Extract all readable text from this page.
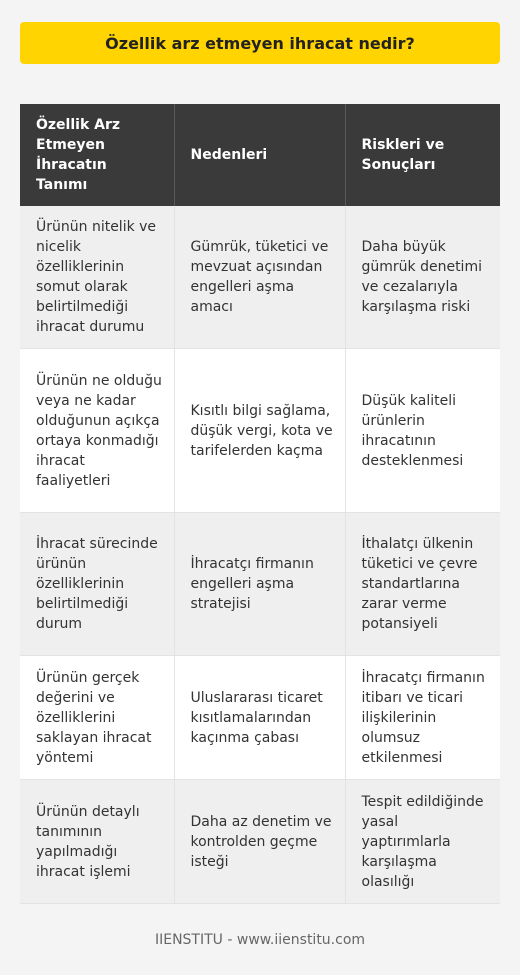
Özellik arz etmeyen ihracat nedir?
Özellik Arz Etmeyen İhracatın Tanımı	Nedenleri	Riskleri ve Sonuçları
Ürünün nitelik ve nicelik özelliklerinin somut olarak belirtilmediği ihracat durumu	Gümrük, tüketici ve mevzuat açısından engelleri aşma amacı	Daha büyük gümrük denetimi ve cezalarıyla karşılaşma riski
Ürünün ne olduğu veya ne kadar olduğunun açıkça ortaya konmadığı ihracat faaliyetleri	Kısıtlı bilgi sağlama, düşük vergi, kota ve tarifelerden kaçma	Düşük kaliteli ürünlerin ihracatının desteklenmesi
İhracat sürecinde ürünün özelliklerinin belirtilmediği durum	İhracatçı firmanın engelleri aşma stratejisi	İthalatçı ülkenin tüketici ve çevre standartlarına zarar verme potansiyeli
Ürünün gerçek değerini ve özelliklerini saklayan ihracat yöntemi	Uluslararası ticaret kısıtlamalarından kaçınma çabası	İhracatçı firmanın itibarı ve ticari ilişkilerinin olumsuz etkilenmesi
Ürünün detaylı tanımının yapılmadığı ihracat işlemi	Daha az denetim ve kontrolden geçme isteği	Tespit edildiğinde yasal yaptırımlarla karşılaşma olasılığı
IIENSTITU - www.iienstitu.com
